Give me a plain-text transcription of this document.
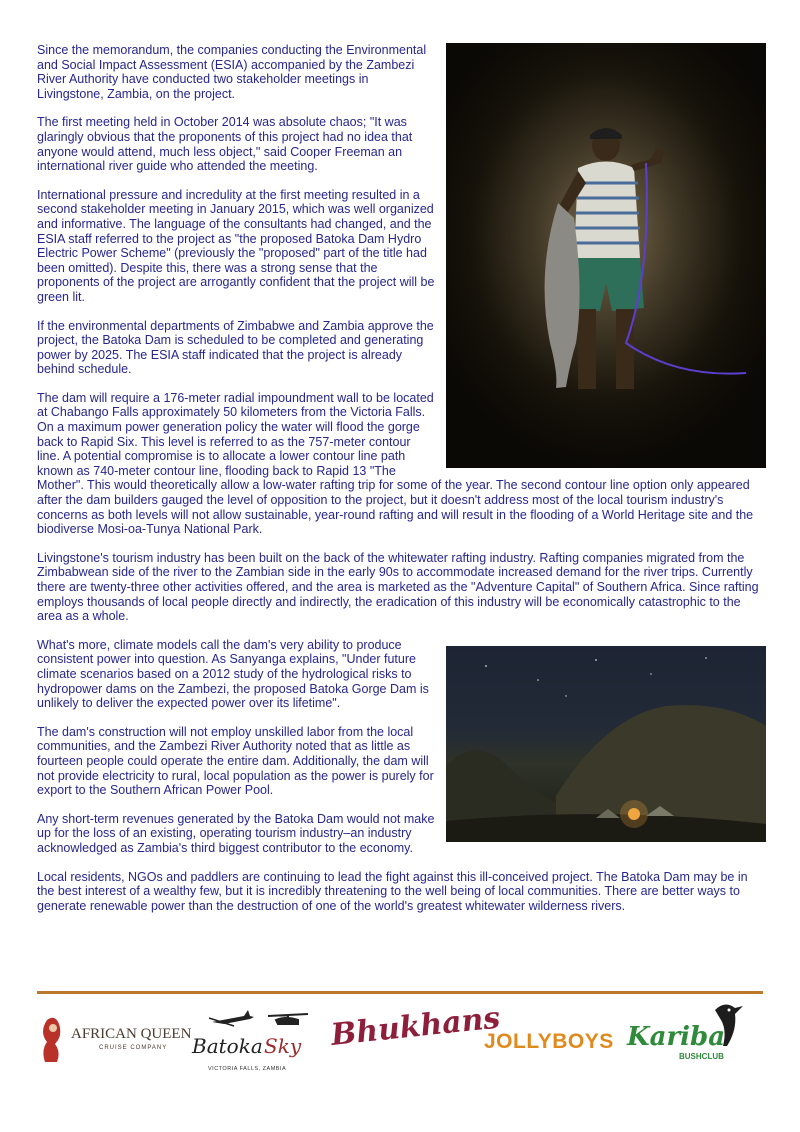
Since the memorandum, the companies conducting the Environmental and Social Impact Assessment (ESIA) accompanied by the Zambezi River Authority have conducted two stakeholder meetings in Livingstone, Zambia, on the project.

The first meeting held in October 2014 was absolute chaos; "It was glaringly obvious that the proponents of this project had no idea that anyone would attend, much less object," said Cooper Freeman an international river guide who attended the meeting.

International pressure and incredulity at the first meeting resulted in a second stakeholder meeting in January 2015, which was well organized and informative. The language of the consultants had changed, and the ESIA staff referred to the project as "the proposed Batoka Dam Hydro Electric Power Scheme" (previously the "proposed" part of the title had been omitted). Despite this, there was a strong sense that the proponents of the project are arrogantly confident that the project will be green lit.

If the environmental departments of Zimbabwe and Zambia approve the project, the Batoka Dam is scheduled to be completed and generating power by 2025. The ESIA staff indicated that the project is already behind schedule.

The dam will require a 176-meter radial impoundment wall to be located at Chabango Falls approximately 50 kilometers from the Victoria Falls. On a maximum power generation policy the water will flood the gorge back to Rapid Six. This level is referred to as the 757-meter contour line. A potential compromise is to allocate a lower contour line path known as 740-meter contour line, flooding back to Rapid 13 "The Mother". This would theoretically allow a low-water rafting trip for some of the year. The second contour line option only appeared after the dam builders gauged the level of opposition to the project, but it doesn't address most of the local tourism industry's concerns as both levels will not allow sustainable, year-round rafting and will result in the flooding of a World Heritage site and the biodiverse Mosi-oa-Tunya National Park.

Livingstone's tourism industry has been built on the back of the whitewater rafting industry. Rafting companies migrated from the Zimbabwean side of the river to the Zambian side in the early 90s to accommodate increased demand for the river trips. Currently there are twenty-three other activities offered, and the area is marketed as the "Adventure Capital" of Southern Africa. Since rafting employs thousands of local people directly and indirectly, the eradication of this industry will be economically catastrophic to the area as a whole.

What's more, climate models call the dam's very ability to produce consistent power into question. As Sanyanga explains, "Under future climate scenarios based on a 2012 study of the hydrological risks to hydropower dams on the Zambezi, the proposed Batoka Gorge Dam is unlikely to deliver the expected power over its lifetime".

The dam's construction will not employ unskilled labor from the local communities, and the Zambezi River Authority noted that as little as fourteen people could operate the entire dam. Additionally, the dam will not provide electricity to rural, local population as the power is purely for export to the Southern African Power Pool.

Any short-term revenues generated by the Batoka Dam would not make up for the loss of an existing, operating tourism industry–an industry acknowledged as Zambia's third biggest contributor to the economy.

Local residents, NGOs and paddlers are continuing to lead the fight against this ill-conceived project. The Batoka Dam may be in the best interest of a wealthy few, but it is incredibly threatening to the well being of local communities. There are better ways to generate renewable power than the destruction of one of the world's greatest whitewater wilderness rivers.

AFRICAN QUEEN
CRUISE COMPANY Batoka Sky
VICTORIA FALLS, ZAMBIA
Bhukhans
JOLLYBOYS Kariba
BUSHCLUB
